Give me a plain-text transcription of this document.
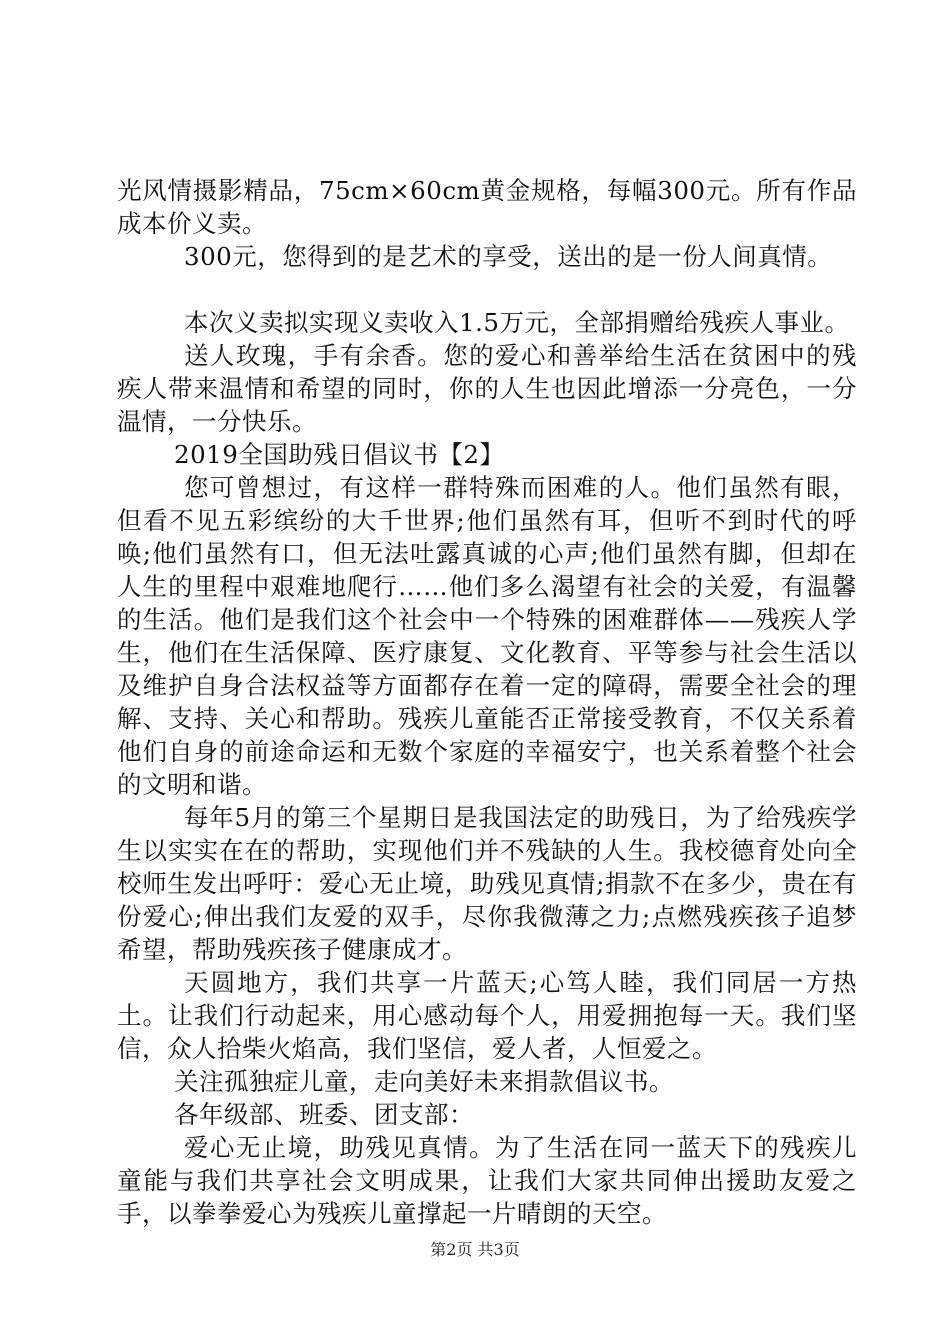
光风情摄影精品，75cm×60cm黄金规格，每幅300元。所有作品成本价义卖。

300元，您得到的是艺术的享受，送出的是一份人间真情。

本次义卖拟实现义卖收入1.5万元，全部捐赠给残疾人事业。

送人玫瑰，手有余香。您的爱心和善举给生活在贫困中的残疾人带来温情和希望的同时，你的人生也因此增添一分亮色，一分温情，一分快乐。

2019全国助残日倡议书【2】

您可曾想过，有这样一群特殊而困难的人。他们虽然有眼，但看不见五彩缤纷的大千世界;他们虽然有耳，但听不到时代的呼唤;他们虽然有口，但无法吐露真诚的心声;他们虽然有脚，但却在人生的里程中艰难地爬行……他们多么渴望有社会的关爱，有温馨的生活。他们是我们这个社会中一个特殊的困难群体——残疾人学生，他们在生活保障、医疗康复、文化教育、平等参与社会生活以及维护自身合法权益等方面都存在着一定的障碍，需要全社会的理解、支持、关心和帮助。残疾儿童能否正常接受教育，不仅关系着他们自身的前途命运和无数个家庭的幸福安宁，也关系着整个社会的文明和谐。

每年5月的第三个星期日是我国法定的助残日，为了给残疾学生以实实在在的帮助，实现他们并不残缺的人生。我校德育处向全校师生发出呼吁：爱心无止境，助残见真情;捐款不在多少，贵在有份爱心;伸出我们友爱的双手，尽你我微薄之力;点燃残疾孩子追梦希望，帮助残疾孩子健康成才。

天圆地方，我们共享一片蓝天;心笃人睦，我们同居一方热土。让我们行动起来，用心感动每个人，用爱拥抱每一天。我们坚信，众人拾柴火焰高，我们坚信，爱人者，人恒爱之。

关注孤独症儿童，走向美好未来捐款倡议书。

各年级部、班委、团支部：

爱心无止境，助残见真情。为了生活在同一蓝天下的残疾儿童能与我们共享社会文明成果，让我们大家共同伸出援助友爱之手，以拳拳爱心为残疾儿童撑起一片晴朗的天空。

第2页 共3页
